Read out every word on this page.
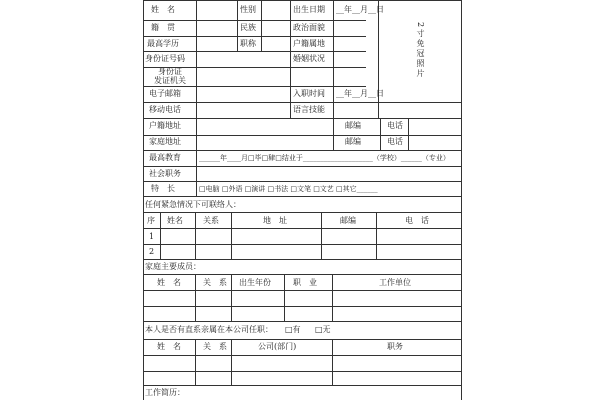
姓　名	性别	出生日期 __年__月__日
籍　贯	民族	政治面貌
最高学历	职称	户籍属地
身份证号码	婚姻状况
身份证
发证机关
2寸免冠照片
电子邮箱	入职时间 __年__月__日
移动电话	语言技能
户籍地址	邮编	电话
家庭地址	邮编	电话
最高教育	______年____月□毕□肄□结业于____________________（学校）______（专业）
社会职务
特　长	□电脑 □外语 □演讲 □书法 □文笔 □文艺 □其它______
任何紧急情况下可联络人：
序 姓名	关系	地　址	邮编	电　话
1
2
家庭主要成员：
姓　名	关　系 出生年份	职　业	工作单位
本人是否有直系亲属在本公司任职： □有 □无
姓　名	关　系	公司(部门)	职务
工作简历：
